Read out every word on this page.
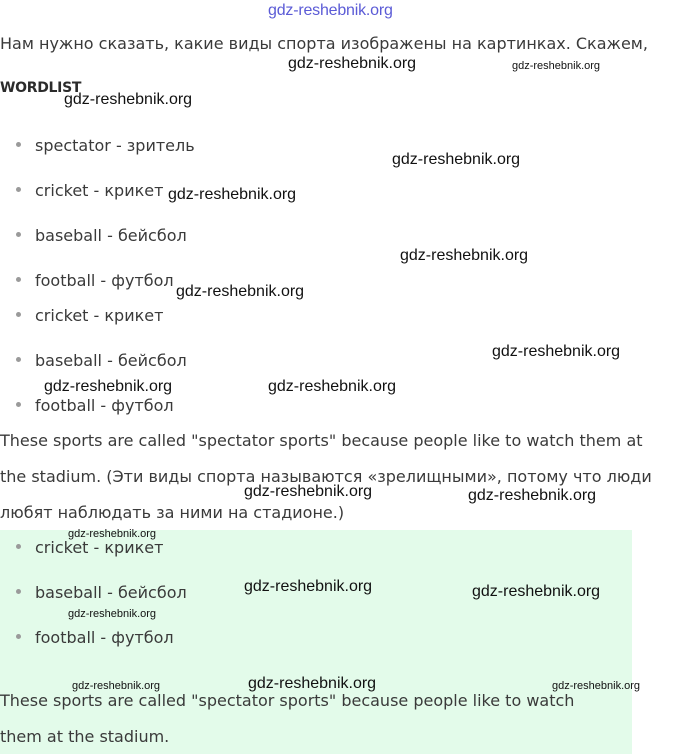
gdz-reshebnik.org
Нам нужно сказать, какие виды спорта изображены на картинках. Скажем,
WORDLIST
spectator - зритель
cricket - крикет
baseball - бейсбол
football - футбол
cricket - крикет
baseball - бейсбол
football - футбол
These sports are called "spectator sports" because people like to watch them at
the stadium. (Эти виды спорта называются «зрелищными», потому что люди
любят наблюдать за ними на стадионе.)
cricket - крикет
baseball - бейсбол
football - футбол
These sports are called "spectator sports" because people like to watch
them at the stadium.
gdz-reshebnik.org	gdz-reshebnik.org
gdz-reshebnik.org
gdz-reshebnik.org
gdz-reshebnik.org
gdz-reshebnik.org
gdz-reshebnik.org
gdz-reshebnik.org
gdz-reshebnik.org	gdz-reshebnik.org
gdz-reshebnik.org	gdz-reshebnik.org
gdz-reshebnik.org
gdz-reshebnik.org	gdz-reshebnik.org
gdz-reshebnik.org
gdz-reshebnik.org	gdz-reshebnik.org	gdz-reshebnik.org
